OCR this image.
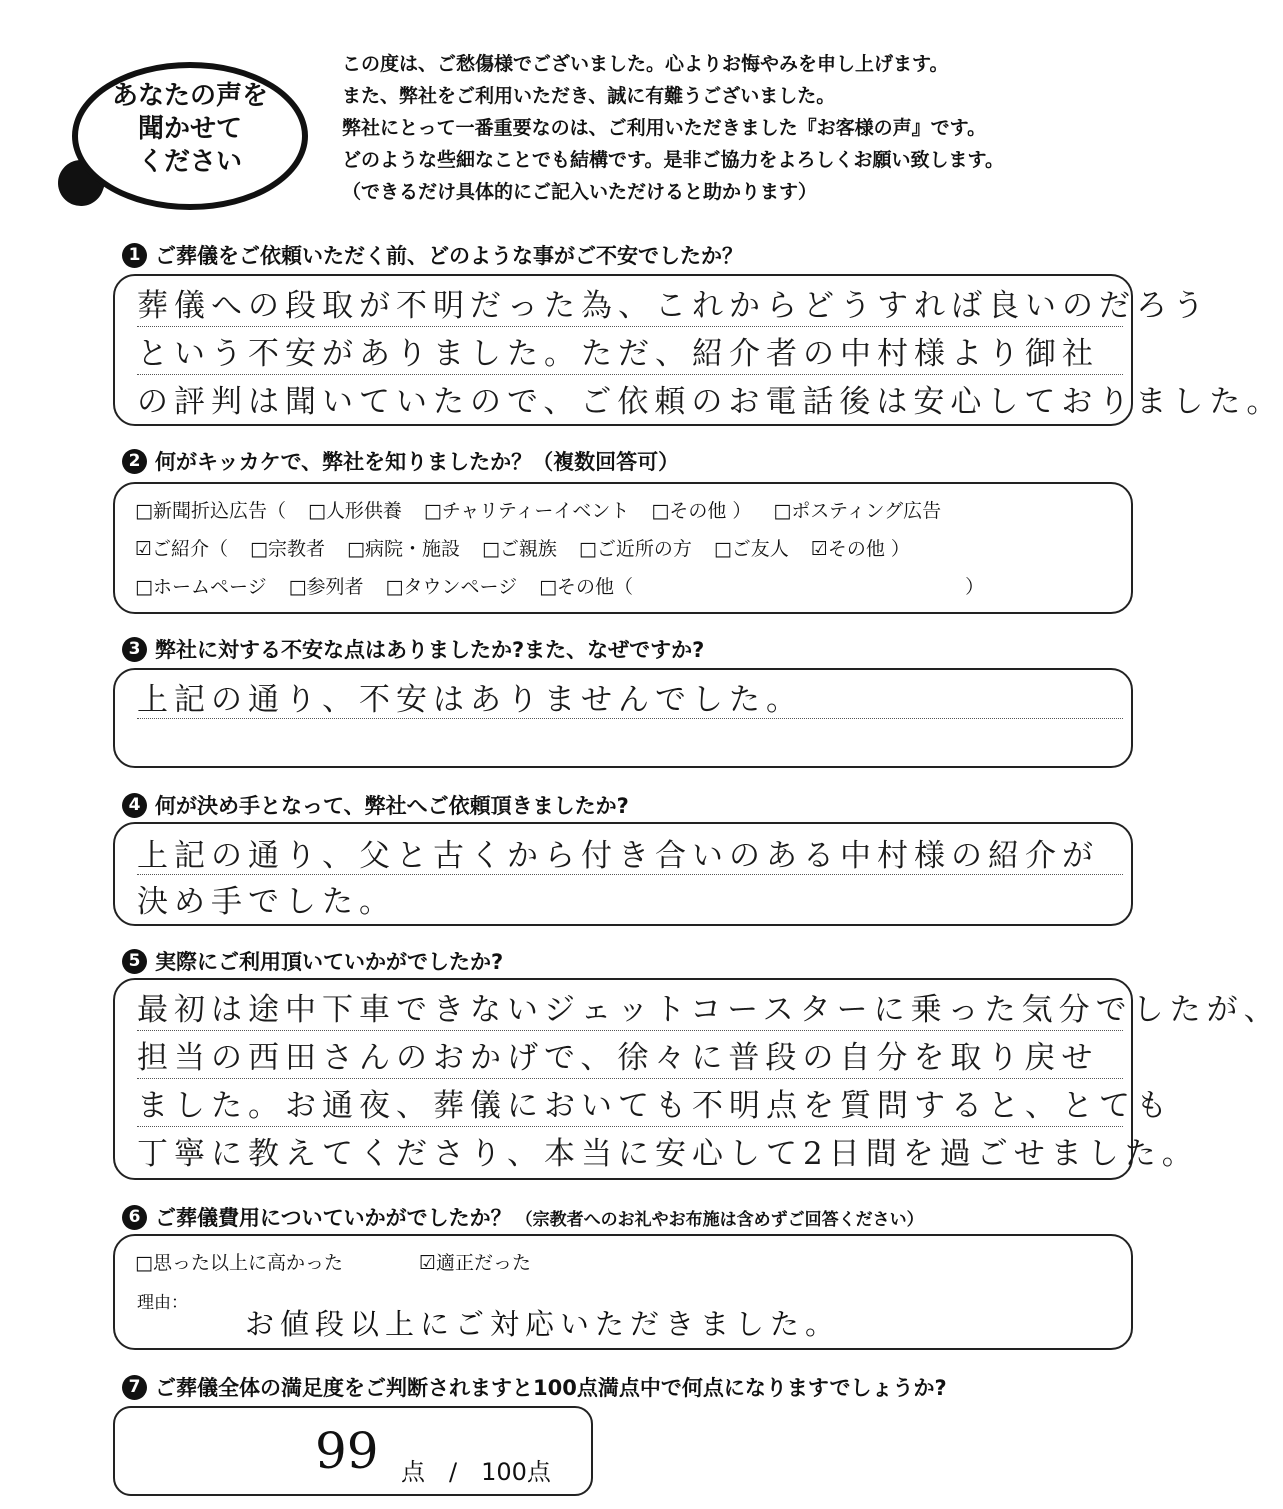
あなたの声を
聞かせて
ください
この度は、ご愁傷様でございました。心よりお悔やみを申し上げます。
また、弊社をご利用いただき、誠に有難うございました。
弊社にとって一番重要なのは、ご利用いただきました『お客様の声』です。
どのような些細なことでも結構です。是非ご協力をよろしくお願い致します。
（できるだけ具体的にご記入いただけると助かります）
1 ご葬儀をご依頼いただく前、どのような事がご不安でしたか？
葬儀への段取が不明だった為、これからどうすれば良いのだろう
という不安がありました。ただ、紹介者の中村様より御社
の評判は聞いていたので、ご依頼のお電話後は安心しておりました。
2 何がキッカケで、弊社を知りましたか？（複数回答可）
□新聞折込広告（ □人形供養 □チャリティーイベント □その他 ） □ポスティング広告
☑ご紹介（ □宗教者 □病院・施設 □ご親族 □ご近所の方 □ご友人 ☑その他 ）
□ホームページ □参列者 □タウンページ □その他（	）
3 弊社に対する不安な点はありましたか?また、なぜですか?
上記の通り、不安はありませんでした。
4 何が決め手となって、弊社へご依頼頂きましたか?
上記の通り、父と古くから付き合いのある中村様の紹介が
決め手でした。
5 実際にご利用頂いていかがでしたか?
最初は途中下車できないジェットコースターに乗った気分でしたが、
担当の西田さんのおかげで、徐々に普段の自分を取り戻せ
ました。お通夜、葬儀においても不明点を質問すると、とても
丁寧に教えてくださり、本当に安心して2日間を過ごせました。
6 ご葬儀費用についていかがでしたか？ （宗教者へのお礼やお布施は含めずご回答ください）
□思った以上に高かった	☑適正だった
理由：
お値段以上にご対応いただきました。
7 ご葬儀全体の満足度をご判断されますと100点満点中で何点になりますでしょうか?
99 点　/　100点
